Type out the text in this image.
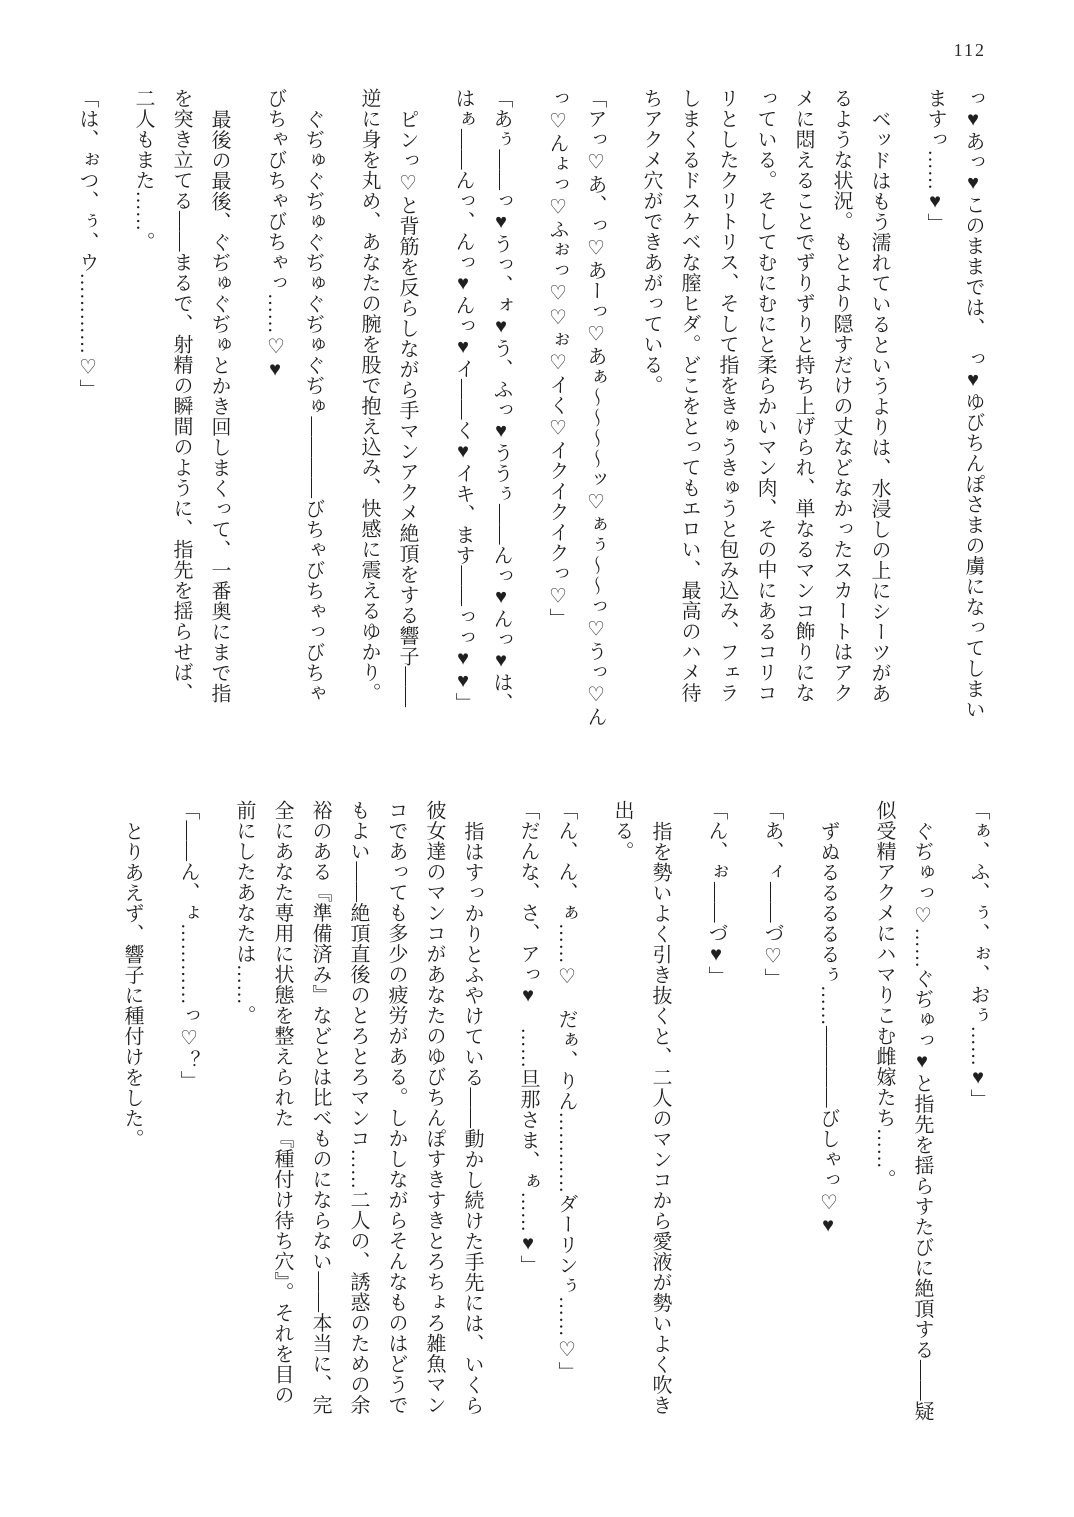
112
っ♥あっ♥このままでは、　っ♥ゆびちんぽさまの虜になってしまい
ますっ……♥」
ベッドはもう濡れているというよりは、水浸しの上にシーツがあ
るような状況。もとより隠すだけの丈などなかったスカートはアク
メに悶えることでずりずりと持ち上げられ、単なるマンコ飾りにな
っている。そしてむにむにと柔らかいマン肉、その中にあるコリコ
リとしたクリトリス、そして指をきゅうきゅうと包み込み、フェラ
しまくるドスケベな膣ヒダ。どこをとってもエロい、最高のハメ待
ちアクメ穴ができあがっている。
「アっ♡あ、っ♡あーっ♡あぁ～～～～ッ♡ぁぅ～～っ♡うっ♡ん
っ♡んょっ♡ふぉっ♡♡ぉ♡イく♡イクイクイクっ♡」
「あぅ――っ♥うっ、ォ♥う、ふっ♥ううぅ――んっ♥んっ♥は、
はぁ――んっ、んっ♥んっ♥イ――く♥イキ、ます――っっ♥♥」
ピンっ♡と背筋を反らしながら手マンアクメ絶頂をする響子――
逆に身を丸め、あなたの腕を股で抱え込み、快感に震えるゆかり。
ぐぢゅぐぢゅぐぢゅぐぢゅぐぢゅ――――びちゃびちゃっびちゃ
びちゃびちゃびちゃっ……♡♥
最後の最後、ぐぢゅぐぢゅとかき回しまくって、一番奥にまで指
を突き立てる――まるで、射精の瞬間のように、指先を揺らせば、
二人もまた……。
「は、ぉつ、ぅ、ウ…………♡」
「ぁ、ふ、ぅ、ぉ、おぅ……♥」
ぐぢゅっ♡……ぐぢゅっ♥と指先を揺らすたびに絶頂する――疑
似受精アクメにハマりこむ雌嫁たち……。
ずぬるるるるるぅ……――――びしゃっ♡♥
「あ、ィ――づ♡」
「ん、ぉ――づ♥」
指を勢いよく引き抜くと、二人のマンコから愛液が勢いよく吹き
出る。
「ん、ん、ぁ……♡　だぁ、りん…………ダーリンぅ……♡」
「だんな、さ、アっ♥　……旦那さま、ぁ……♥」
指はすっかりとふやけている――動かし続けた手先には、いくら
彼女達のマンコがあなたのゆびちんぽすきすきとろちょろ雑魚マン
コであっても多少の疲労がある。しかしながらそんなものはどうで
もよい――絶頂直後のとろとろマンコ……二人の、誘惑のための余
裕のある『準備済み』などとは比べものにならない――本当に、完
全にあなた専用に状態を整えられた『種付け待ち穴』。それを目の
前にしたあなたは……。
「――ん、ょ…………っ♡？」
とりあえず、響子に種付けをした。
